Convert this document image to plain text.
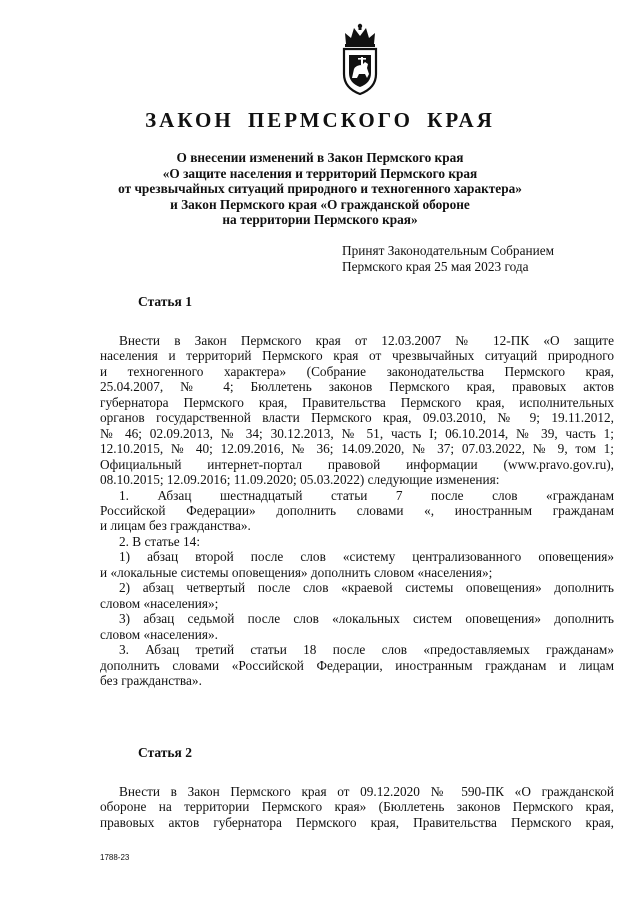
ЗАКОН ПЕРМСКОГО КРАЯ
О внесении изменений в Закон Пермского края
«О защите населения и территорий Пермского края
от чрезвычайных ситуаций природного и техногенного характера»
и Закон Пермского края «О гражданской обороне
на территории Пермского края»
Принят Законодательным Собранием
Пермского края 25 мая 2023 года
Статья 1
Внести в Закон Пермского края от 12.03.2007 № 12-ПК «О защите
населения и территорий Пермского края от чрезвычайных ситуаций природного
и техногенного характера» (Собрание законодательства Пермского края,
25.04.2007, № 4; Бюллетень законов Пермского края, правовых актов
губернатора Пермского края, Правительства Пермского края, исполнительных
органов государственной власти Пермского края, 09.03.2010, № 9; 19.11.2012,
№ 46; 02.09.2013, № 34; 30.12.2013, № 51, часть I; 06.10.2014, № 39, часть 1;
12.10.2015, № 40; 12.09.2016, № 36; 14.09.2020, № 37; 07.03.2022, № 9, том 1;
Официальный интернет-портал правовой информации (www.pravo.gov.ru),
08.10.2015; 12.09.2016; 11.09.2020; 05.03.2022) следующие изменения:
1. Абзац шестнадцатый статьи 7 после слов «гражданам
Российской Федерации» дополнить словами «, иностранным гражданам
и лицам без гражданства».
2. В статье 14:
1) абзац второй после слов «систему централизованного оповещения»
и «локальные системы оповещения» дополнить словом «населения»;
2) абзац четвертый после слов «краевой системы оповещения» дополнить
словом «населения»;
3) абзац седьмой после слов «локальных систем оповещения» дополнить
словом «населения».
3. Абзац третий статьи 18 после слов «предоставляемых гражданам»
дополнить словами «Российской Федерации, иностранным гражданам и лицам
без гражданства».
Статья 2
Внести в Закон Пермского края от 09.12.2020 № 590-ПК «О гражданской
обороне на территории Пермского края» (Бюллетень законов Пермского края,
правовых актов губернатора Пермского края, Правительства Пермского края,
1788-23
